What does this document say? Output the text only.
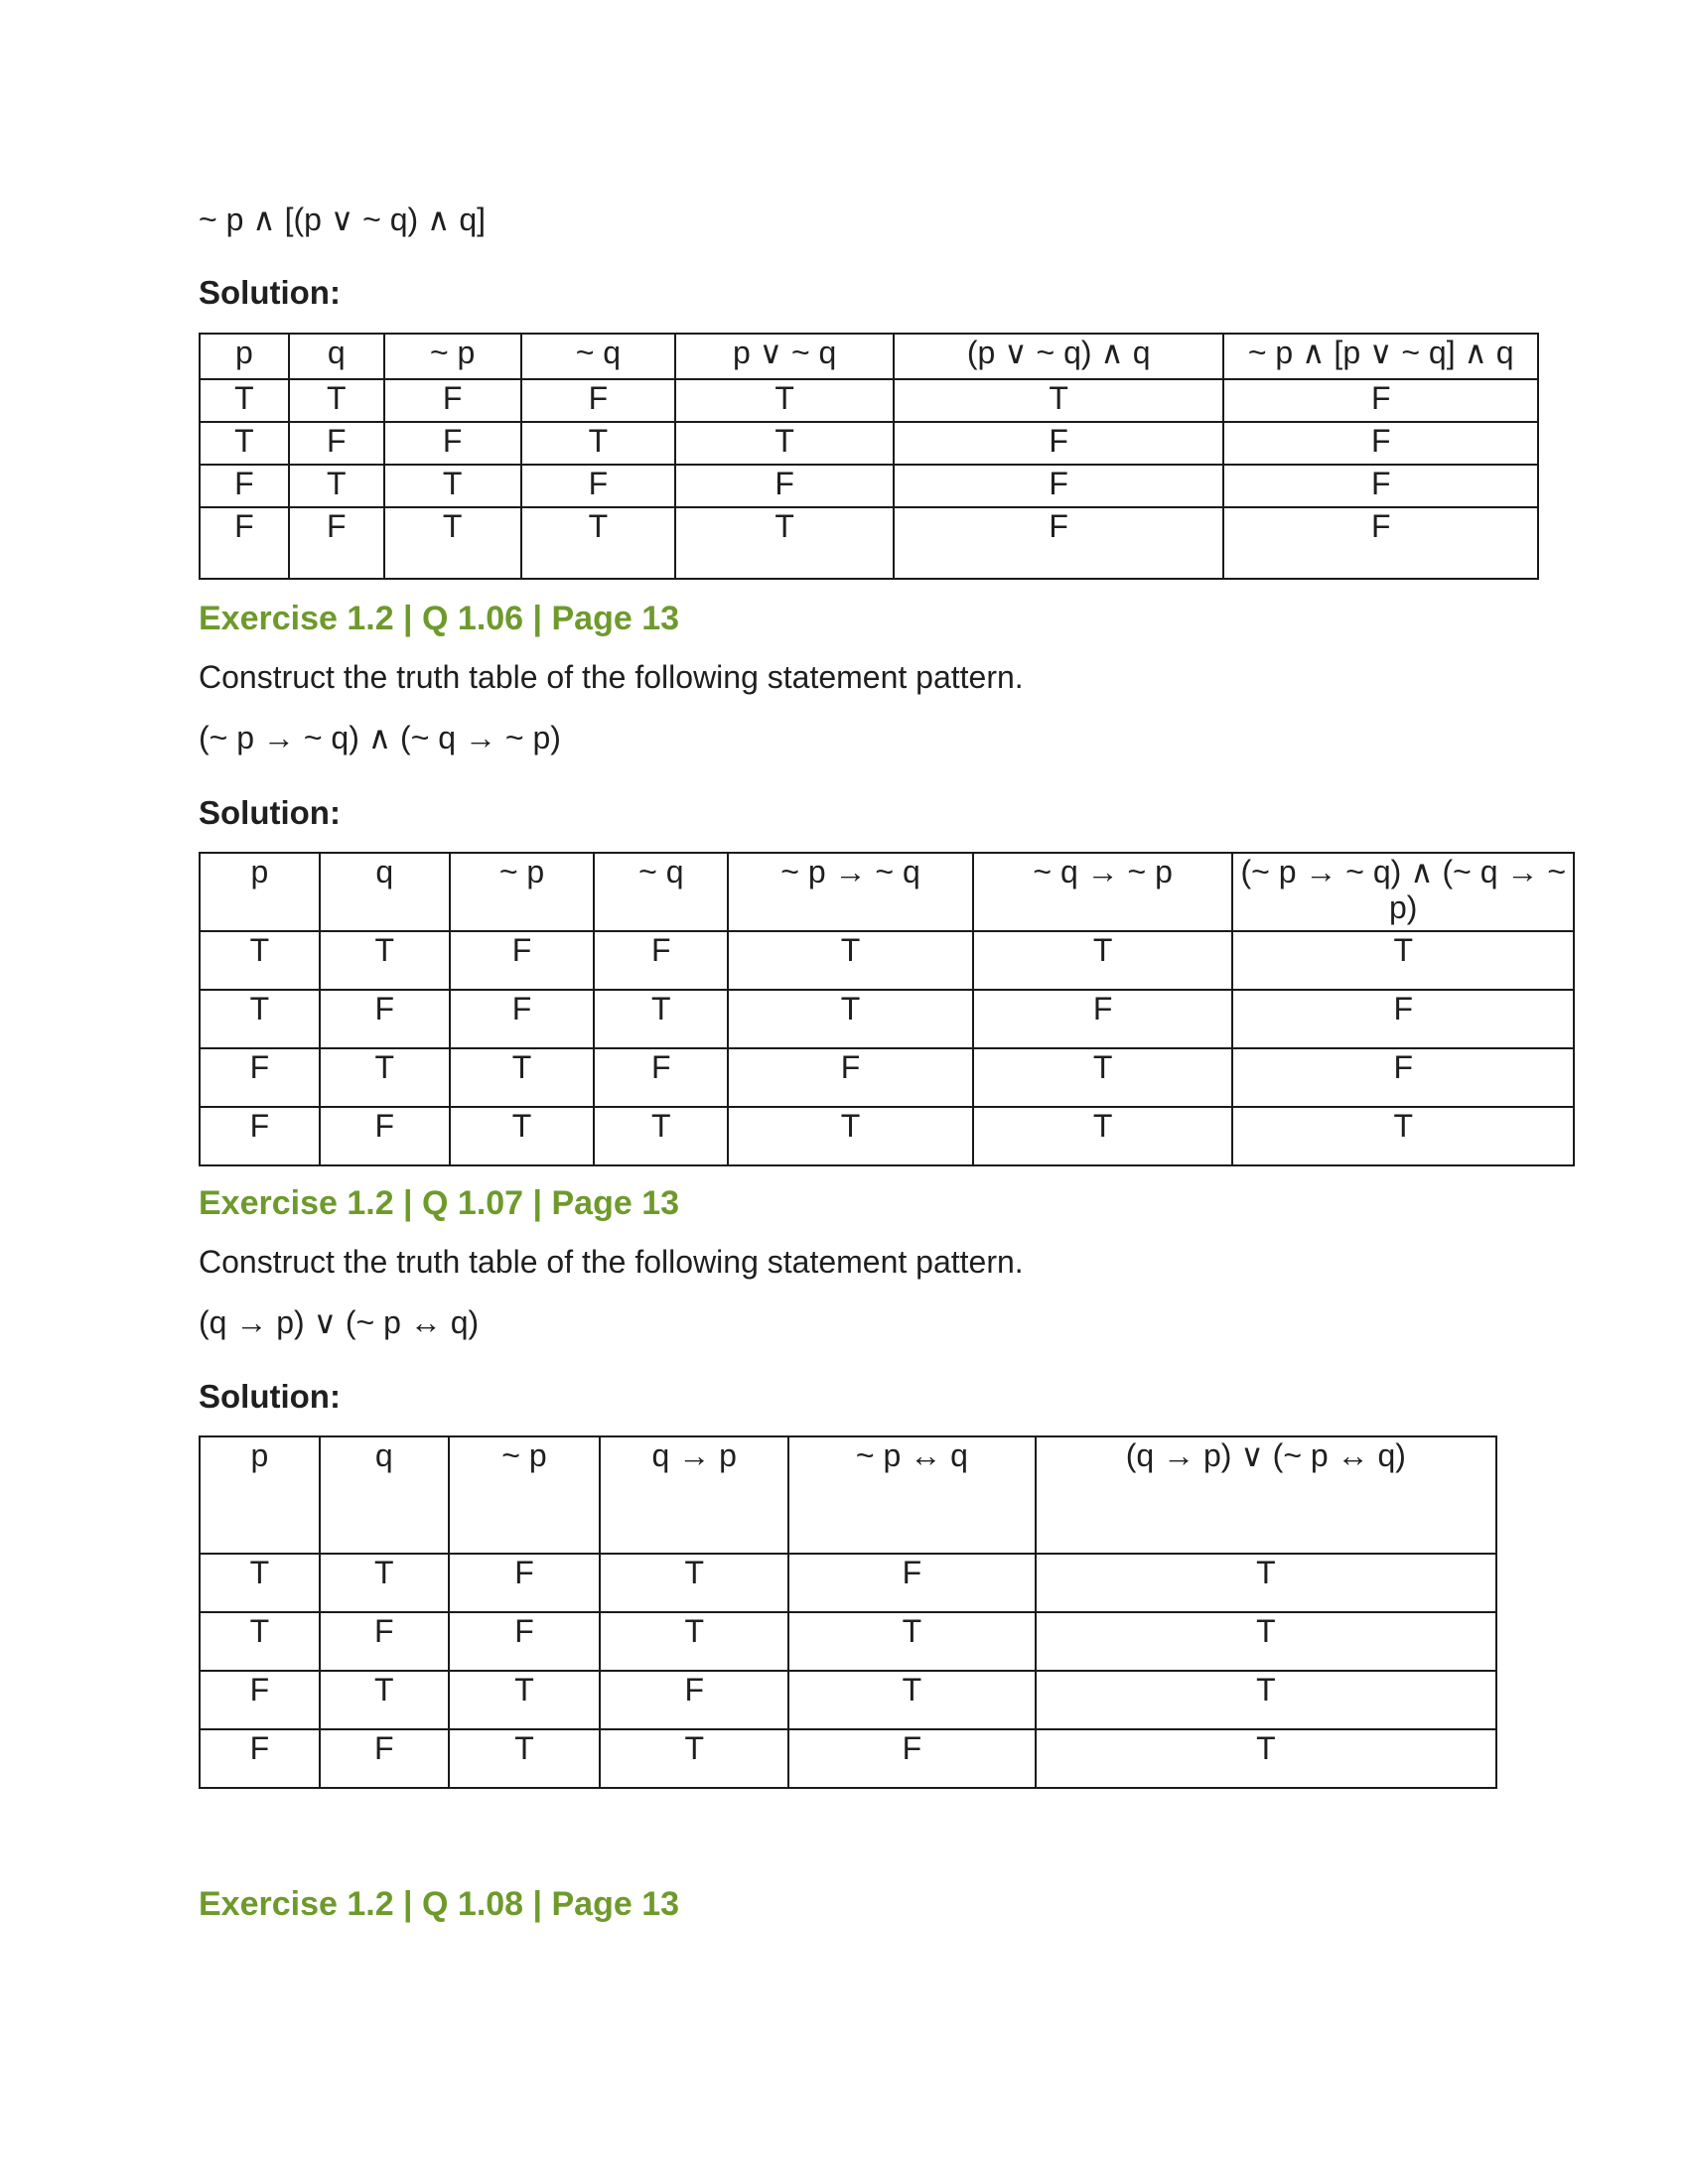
~ p ∧ [(p ∨ ~ q) ∧ q]
Solution:
p	q	~ p	~ q	p ∨ ~ q	(p ∨ ~ q) ∧ q	~ p ∧ [p ∨ ~ q] ∧ q
T	T	F	F	T	T	F
T	F	F	T	T	F	F
F	T	T	F	F	F	F
F	F	T	T	T	F	F
Exercise 1.2 | Q 1.06 | Page 13
Construct the truth table of the following statement pattern.
(~ p → ~ q) ∧ (~ q → ~ p)
Solution:
p	q	~ p	~ q	~ p → ~ q	~ q → ~ p	(~ p → ~ q) ∧ (~ q → ~ p)
T	T	F	F	T	T	T
T	F	F	T	T	F	F
F	T	T	F	F	T	F
F	F	T	T	T	T	T
Exercise 1.2 | Q 1.07 | Page 13
Construct the truth table of the following statement pattern.
(q → p) ∨ (~ p ↔ q)
Solution:
p	q	~ p	q → p	~ p ↔ q	(q → p) ∨ (~ p ↔ q)
T	T	F	T	F	T
T	F	F	T	T	T
F	T	T	F	T	T
F	F	T	T	F	T
Exercise 1.2 | Q 1.08 | Page 13
